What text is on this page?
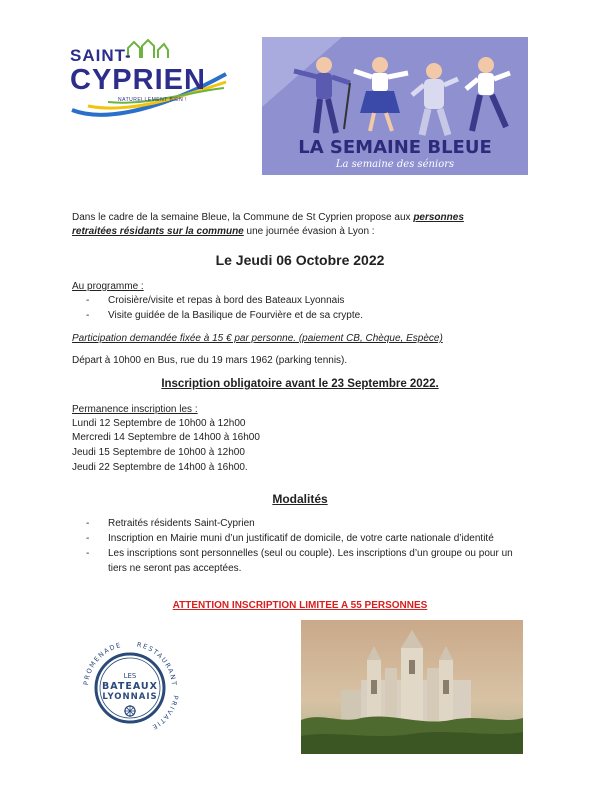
SAINT-
CYPRIEN
NATURELLEMENT BIEN !
LA SEMAINE BLEUE
La semaine des séniors
Dans le cadre de la semaine Bleue, la Commune de St Cyprien propose aux personnes
retraitées résidants sur la commune une journée évasion à Lyon :
Le Jeudi 06 Octobre 2022
Au programme :
- Croisière/visite et repas à bord des Bateaux Lyonnais
- Visite guidée de la Basilique de Fourvière et de sa crypte.
Participation demandée fixée à 15 € par personne. (paiement CB, Chèque, Espèce)
Départ à 10h00 en Bus, rue du 19 mars 1962 (parking tennis).
Inscription obligatoire avant le 23 Septembre 2022.
Permanence inscription les :
Lundi 12 Septembre de 10h00 à 12h00
Mercredi 14 Septembre de 14h00 à 16h00
Jeudi 15 Septembre de 10h00 à 12h00
Jeudi 22 Septembre de 14h00 à 16h00.
Modalités
- Retraités résidents Saint-Cyprien
- Inscription en Mairie muni d’un justificatif de domicile, de votre carte nationale d’identité
- Les inscriptions sont personnelles (seul ou couple). Les inscriptions d’un groupe ou pour un
tiers ne seront pas acceptées.
ATTENTION INSCRIPTION LIMITEE A 55 PERSONNES
PROMENADE RESTAURANT
PRIVATIE
LES
BATEAUX
LYONNAIS
